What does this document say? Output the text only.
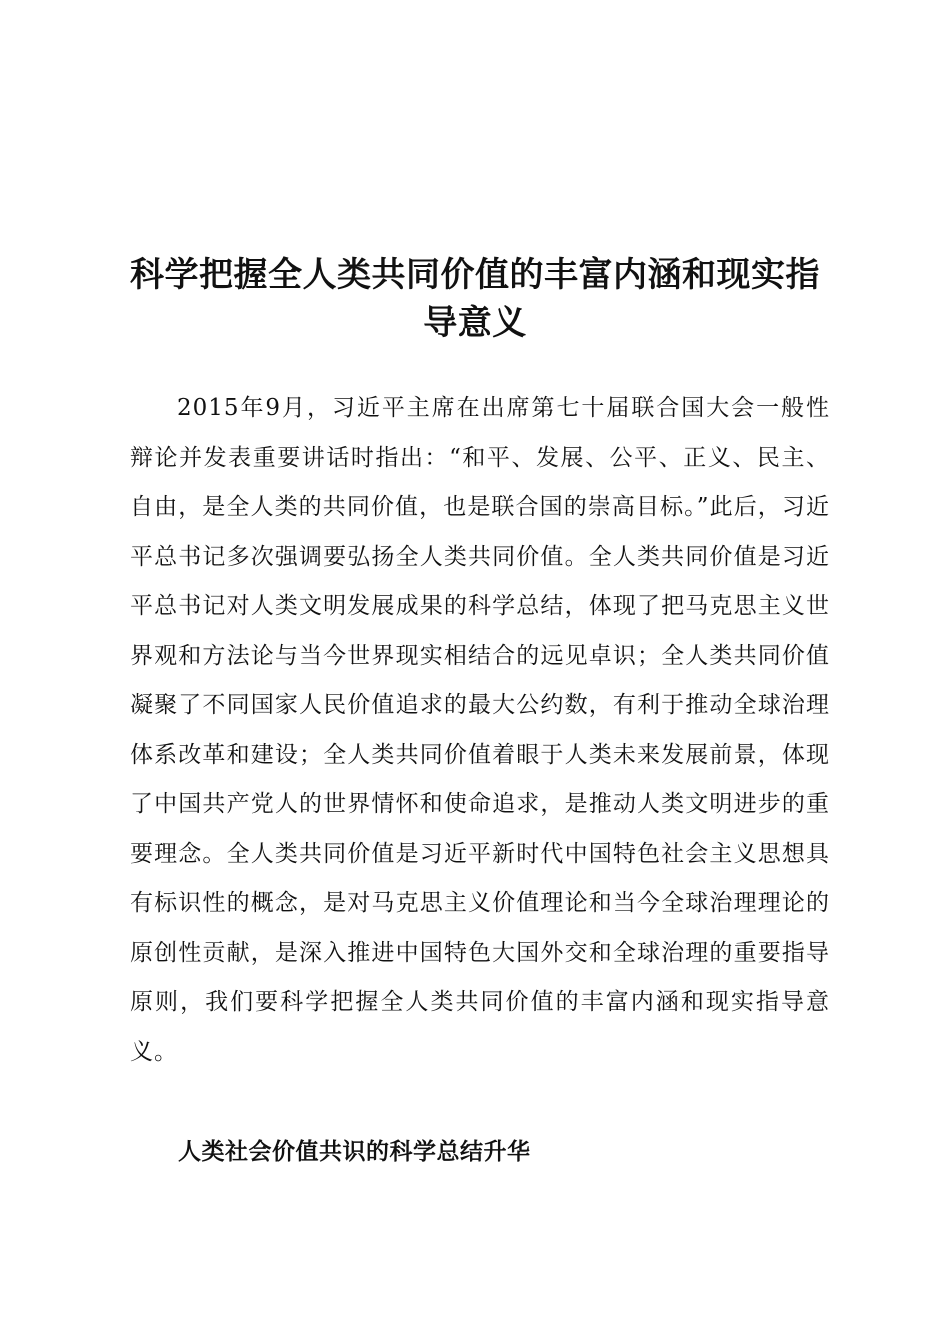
科学把握全人类共同价值的丰富内涵和现实指导意义

2015年9月，习近平主席在出席第七十届联合国大会一般性辩论并发表重要讲话时指出：“和平、发展、公平、正义、民主、自由，是全人类的共同价值，也是联合国的崇高目标。”此后，习近平总书记多次强调要弘扬全人类共同价值。全人类共同价值是习近平总书记对人类文明发展成果的科学总结，体现了把马克思主义世界观和方法论与当今世界现实相结合的远见卓识；全人类共同价值凝聚了不同国家人民价值追求的最大公约数，有利于推动全球治理体系改革和建设；全人类共同价值着眼于人类未来发展前景，体现了中国共产党人的世界情怀和使命追求，是推动人类文明进步的重要理念。全人类共同价值是习近平新时代中国特色社会主义思想具有标识性的概念，是对马克思主义价值理论和当今全球治理理论的原创性贡献，是深入推进中国特色大国外交和全球治理的重要指导原则，我们要科学把握全人类共同价值的丰富内涵和现实指导意义。

人类社会价值共识的科学总结升华
